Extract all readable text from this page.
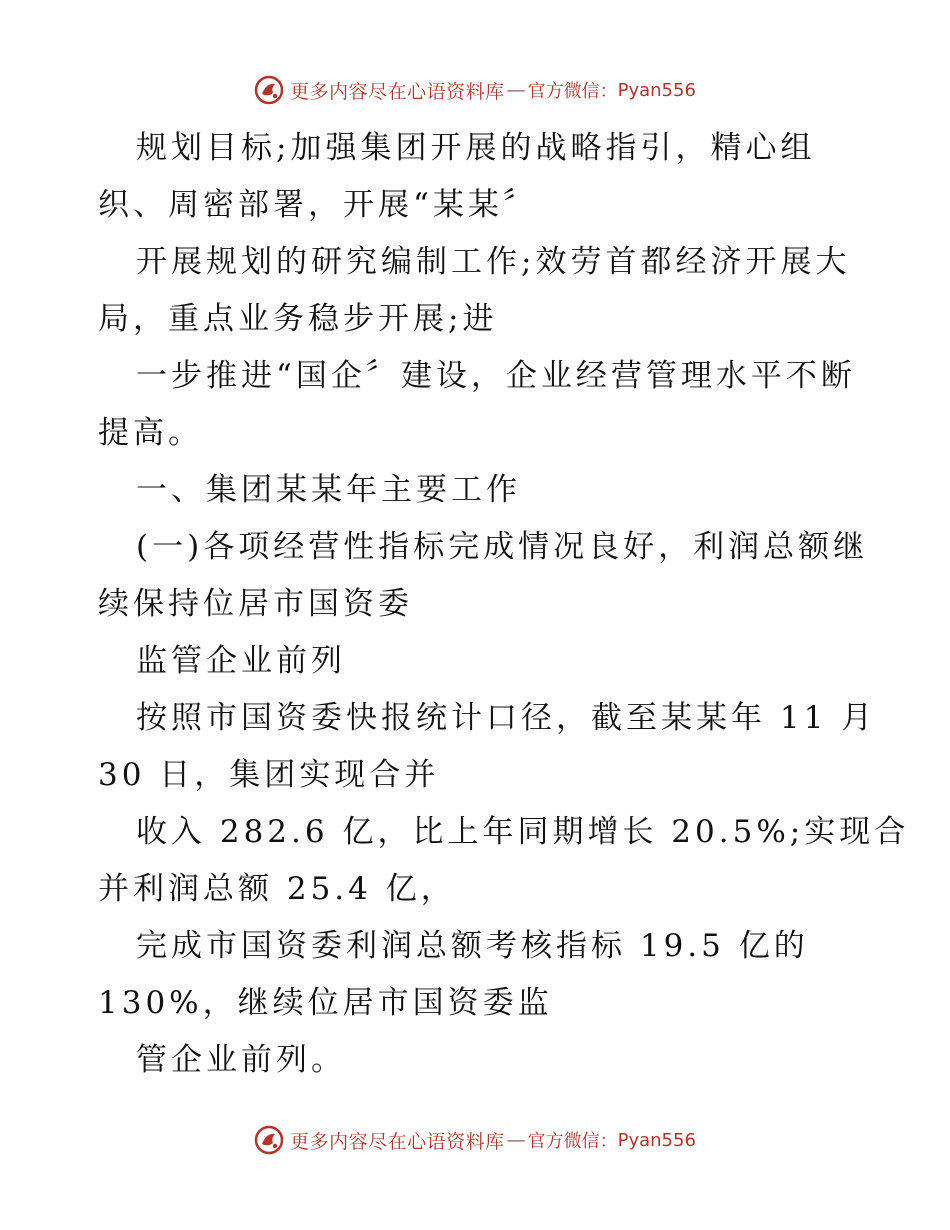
更多内容尽在心语资料库 — 官方微信： Pyan556
规划目标;加强集团开展的战略指引，精心组
织、周密部署，开展“某某〞
开展规划的研究编制工作;效劳首都经济开展大
局，重点业务稳步开展;进
一步推进“国企〞建设，企业经营管理水平不断
提高。
一、集团某某年主要工作
(一)各项经营性指标完成情况良好，利润总额继
续保持位居市国资委
监管企业前列
按照市国资委快报统计口径，截至某某年 11 月
30 日，集团实现合并
收入 282.6 亿，比上年同期增长 20.5%;实现合
并利润总额 25.4 亿，
完成市国资委利润总额考核指标 19.5 亿的
130%，继续位居市国资委监
管企业前列。
更多内容尽在心语资料库 — 官方微信： Pyan556
